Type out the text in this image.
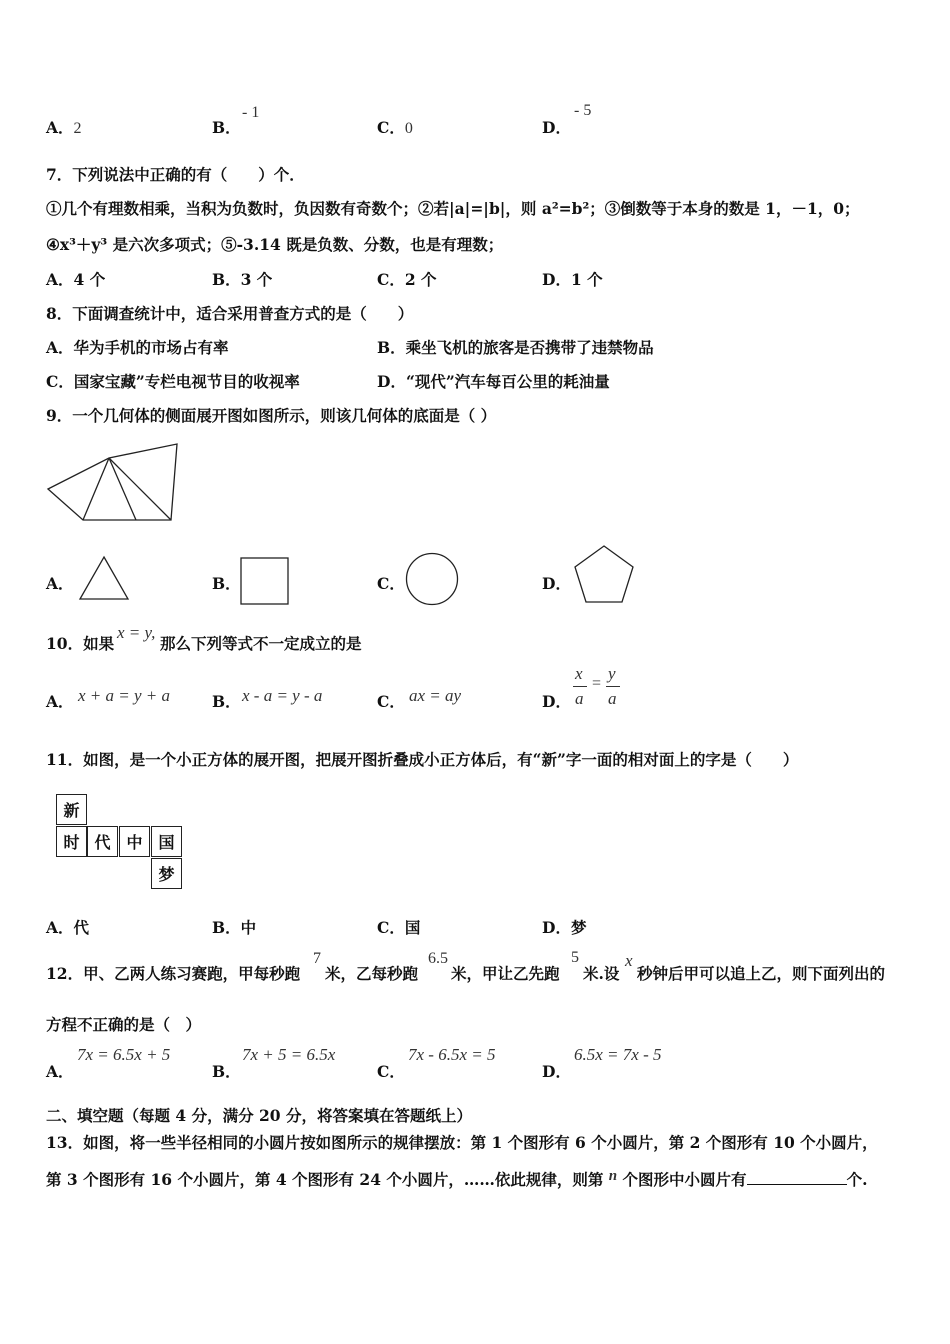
A．2	B．
- 1
C．0	D．
- 5
7．下列说法中正确的有（　　）个．
①几个有理数相乘，当积为负数时，负因数有奇数个；②若|a|=|b|，则 a²=b²；③倒数等于本身的数是 1，－1，0；
④x³＋y³ 是六次多项式；⑤-3.14 既是负数、分数，也是有理数；
A．4 个	B．3 个	C．2 个	D．1 个
8．下面调查统计中，适合采用普查方式的是（　　）
A．华为手机的市场占有率	B．乘坐飞机的旅客是否携带了违禁物品
C．国家宝藏”专栏电视节目的收视率	D．“现代”汽车每百公里的耗油量
9．一个几何体的侧面展开图如图所示，则该几何体的底面是（ ）
A．	B．	C．	D．
10．如果
x = y,
那么下列等式不一定成立的是
A． x + a = y + a	B． x - a = y - a	C． ax = ay	D．
x
a
=
y
a
11．如图，是一个小正方体的展开图，把展开图折叠成小正方体后，有“新”字一面的相对面上的字是（　　）
新
时 代 中 国
梦
A．代	B．中	C．国	D．梦
12．甲、乙两人练习赛跑，甲每秒跑
7
米，乙每秒跑
6.5
米，甲让乙先跑
5
米.设
x
秒钟后甲可以追上乙，则下面列出的
方程不正确的是（　）
A．
7x = 6.5x + 5
B．
7x + 5 = 6.5x
C．
7x - 6.5x = 5
D．
6.5x = 7x - 5
二、填空题（每题 4 分，满分 20 分，将答案填在答题纸上）
13．如图，将一些半径相同的小圆片按如图所示的规律摆放：第 1 个图形有 6 个小圆片，第 2 个图形有 10 个小圆片，
第 3 个图形有 16 个小圆片，第 4 个图形有 24 个小圆片，……依此规律，则第 n 个图形中小圆片有	个.
